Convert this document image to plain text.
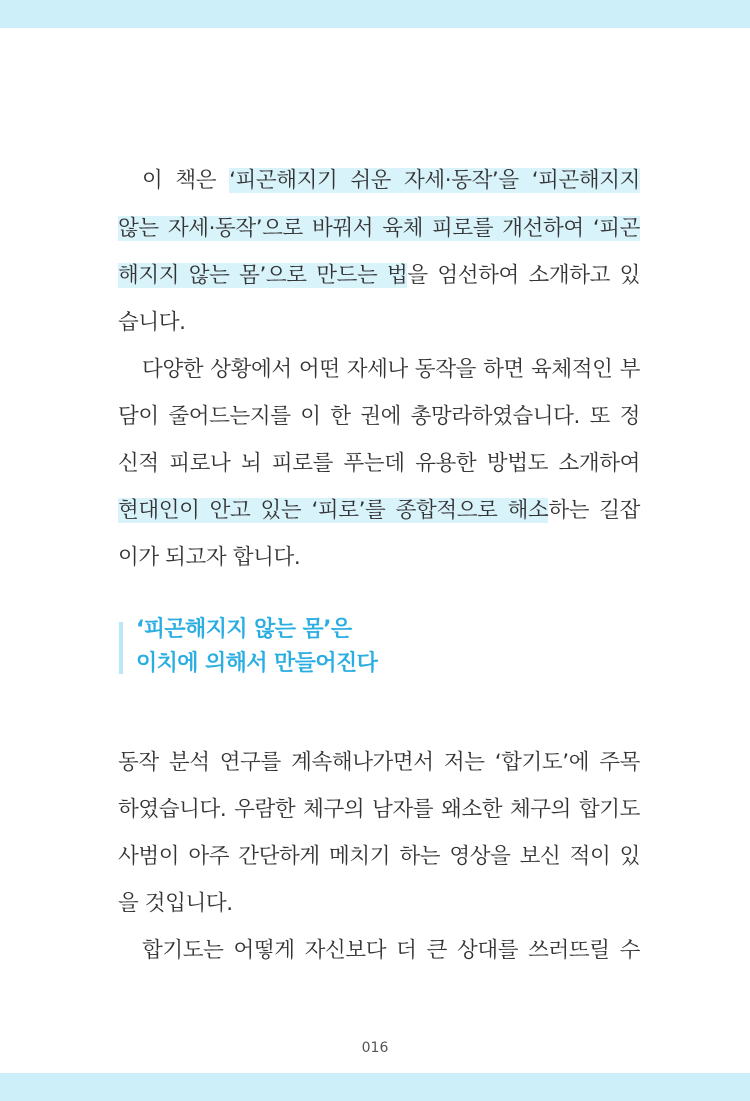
이 책은 ‘피곤해지기 쉬운 자세·동작’을 ‘피곤해지지
않는 자세·동작’으로 바꿔서 육체 피로를 개선하여 ‘피곤
해지지 않는 몸’으로 만드는 법을 엄선하여 소개하고 있
습니다.
다양한 상황에서 어떤 자세나 동작을 하면 육체적인 부
담이 줄어드는지를 이 한 권에 총망라하였습니다. 또 정
신적 피로나 뇌 피로를 푸는데 유용한 방법도 소개하여
현대인이 안고 있는 ‘피로’를 종합적으로 해소하는 길잡
이가 되고자 합니다.
‘피곤해지지 않는 몸’은
이치에 의해서 만들어진다
동작 분석 연구를 계속해나가면서 저는 ‘합기도’에 주목
하였습니다. 우람한 체구의 남자를 왜소한 체구의 합기도
사범이 아주 간단하게 메치기 하는 영상을 보신 적이 있
을 것입니다.
합기도는 어떻게 자신보다 더 큰 상대를 쓰러뜨릴 수
016
